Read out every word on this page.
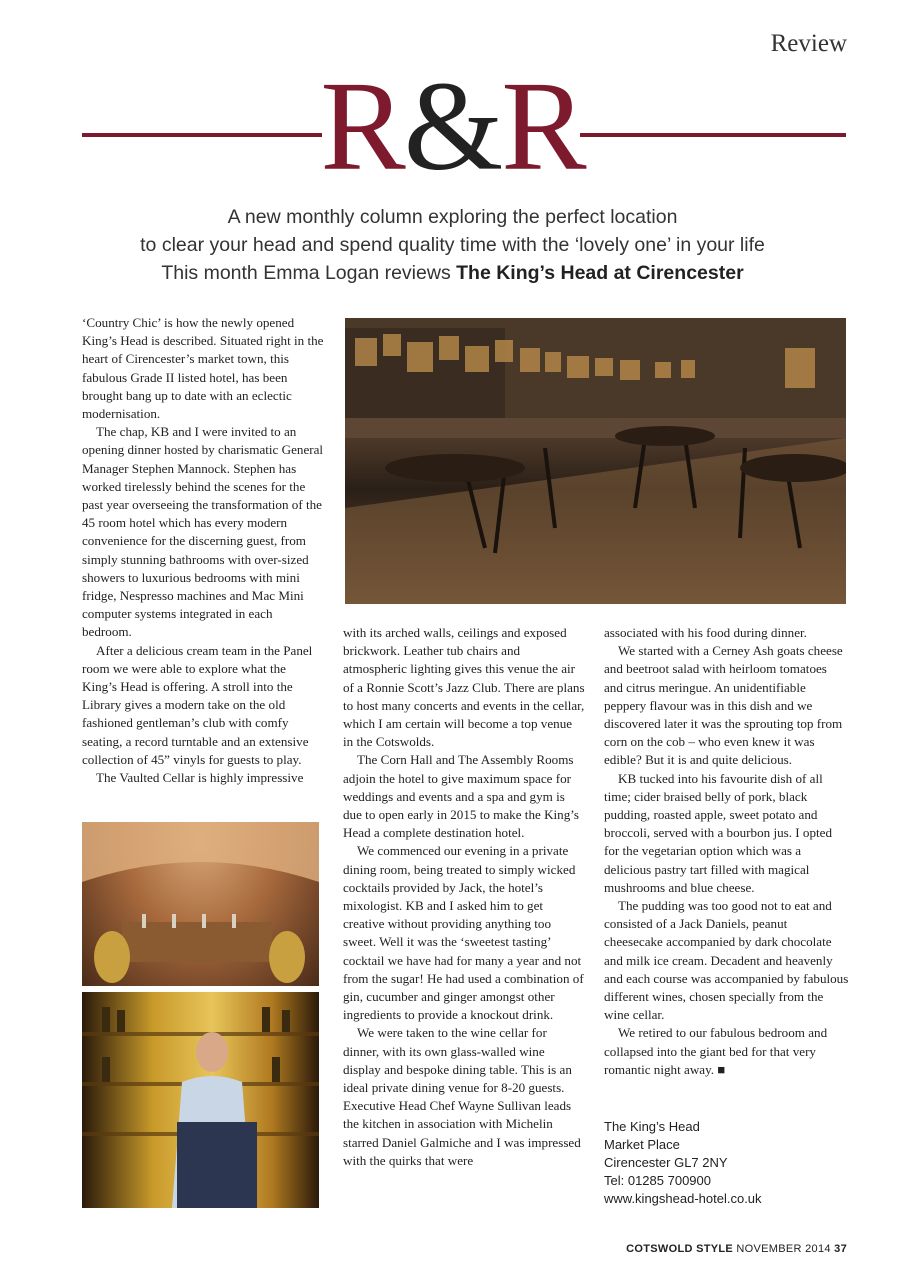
Review
R&R
A new monthly column exploring the perfect location
to clear your head and spend quality time with the ‘lovely one’ in your life
This month Emma Logan reviews The King’s Head at Cirencester

‘Country Chic’ is how the newly opened King’s Head is described. Situated right in the heart of Cirencester’s market town, this fabulous Grade II listed hotel, has been brought bang up to date with an eclectic modernisation.

The chap, KB and I were invited to an opening dinner hosted by charismatic General Manager Stephen Mannock. Stephen has worked tirelessly behind the scenes for the past year overseeing the transformation of the 45 room hotel which has every modern convenience for the discerning guest, from simply stunning bathrooms with over-sized showers to luxurious bedrooms with mini fridge, Nespresso machines and Mac Mini computer systems integrated in each bedroom.

After a delicious cream team in the Panel room we were able to explore what the King’s Head is offering. A stroll into the Library gives a modern take on the old fashioned gentleman’s club with comfy seating, a record turntable and an extensive collection of 45” vinyls for guests to play.

The Vaulted Cellar is highly impressive

with its arched walls, ceilings and exposed brickwork. Leather tub chairs and atmospheric lighting gives this venue the air of a Ronnie Scott’s Jazz Club. There are plans to host many concerts and events in the cellar, which I am certain will become a top venue in the Cotswolds.

The Corn Hall and The Assembly Rooms adjoin the hotel to give maximum space for weddings and events and a spa and gym is due to open early in 2015 to make the King’s Head a complete destination hotel.

We commenced our evening in a private dining room, being treated to simply wicked cocktails provided by Jack, the hotel’s mixologist. KB and I asked him to get creative without providing anything too sweet. Well it was the ‘sweetest tasting’ cocktail we have had for many a year and not from the sugar! He had used a combination of gin, cucumber and ginger amongst other ingredients to provide a knockout drink.

We were taken to the wine cellar for dinner, with its own glass-walled wine display and bespoke dining table. This is an ideal private dining venue for 8-20 guests. Executive Head Chef Wayne Sullivan leads the kitchen in association with Michelin starred Daniel Galmiche and I was impressed with the quirks that were

associated with his food during dinner.

We started with a Cerney Ash goats cheese and beetroot salad with heirloom tomatoes and citrus meringue. An unidentifiable peppery flavour was in this dish and we discovered later it was the sprouting top from corn on the cob – who even knew it was edible? But it is and quite delicious.

KB tucked into his favourite dish of all time; cider braised belly of pork, black pudding, roasted apple, sweet potato and broccoli, served with a bourbon jus. I opted for the vegetarian option which was a delicious pastry tart filled with magical mushrooms and blue cheese.

The pudding was too good not to eat and consisted of a Jack Daniels, peanut cheesecake accompanied by dark chocolate and milk ice cream. Decadent and heavenly and each course was accompanied by fabulous different wines, chosen specially from the wine cellar.

We retired to our fabulous bedroom and collapsed into the giant bed for that very romantic night away. ■

The King’s Head
Market Place
Cirencester GL7 2NY
Tel: 01285 700900
www.kingshead-hotel.co.uk
COTSWOLD STYLE NOVEMBER 2014 37
